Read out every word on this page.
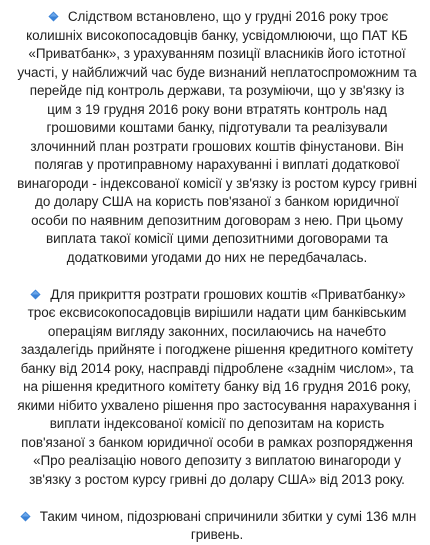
Слідством встановлено, що у грудні 2016 року троє колишніх високопосадовців банку, усвідомлюючи, що ПАТ КБ «Приватбанк», з урахуванням позиції власників його істотної участі, у найближчий час буде визнаний неплатоспроможним та перейде під контроль держави, та розуміючи, що у зв'язку із цим з 19 грудня 2016 року вони втратять контроль над грошовими коштами банку, підготували та реалізували злочинний план розтрати грошових коштів фінустанови. Він полягав у протиправному нарахуванні і виплаті додаткової винагороди - індексованої комісії у зв'язку із ростом курсу гривні до долару США на користь пов'язаної з банком юридичної особи по наявним депозитним договорам з нею. При цьому виплата такої комісії цими депозитними договорами та додатковими угодами до них не передбачалась.

Для прикриття розтрати грошових коштів «Приватбанку» троє ексвисокопосадовців вирішили надати цим банківським операціям вигляду законних, посилаючись на начебто заздалегідь прийняте і погоджене рішення кредитного комітету банку від 2014 року, насправді підроблене «заднім числом», та на рішення кредитного комітету банку від 16 грудня 2016 року, якими нібито ухвалено рішення про застосування нарахування і виплати індексованої комісії по депозитам на користь пов'язаної з банком юридичної особи в рамках розпорядження «Про реалізацію нового депозиту з виплатою винагороди у зв'язку з ростом курсу гривні до долару США» від 2013 року.

Таким чином, підозрювані спричинили збитки у сумі 136 млн гривень.
